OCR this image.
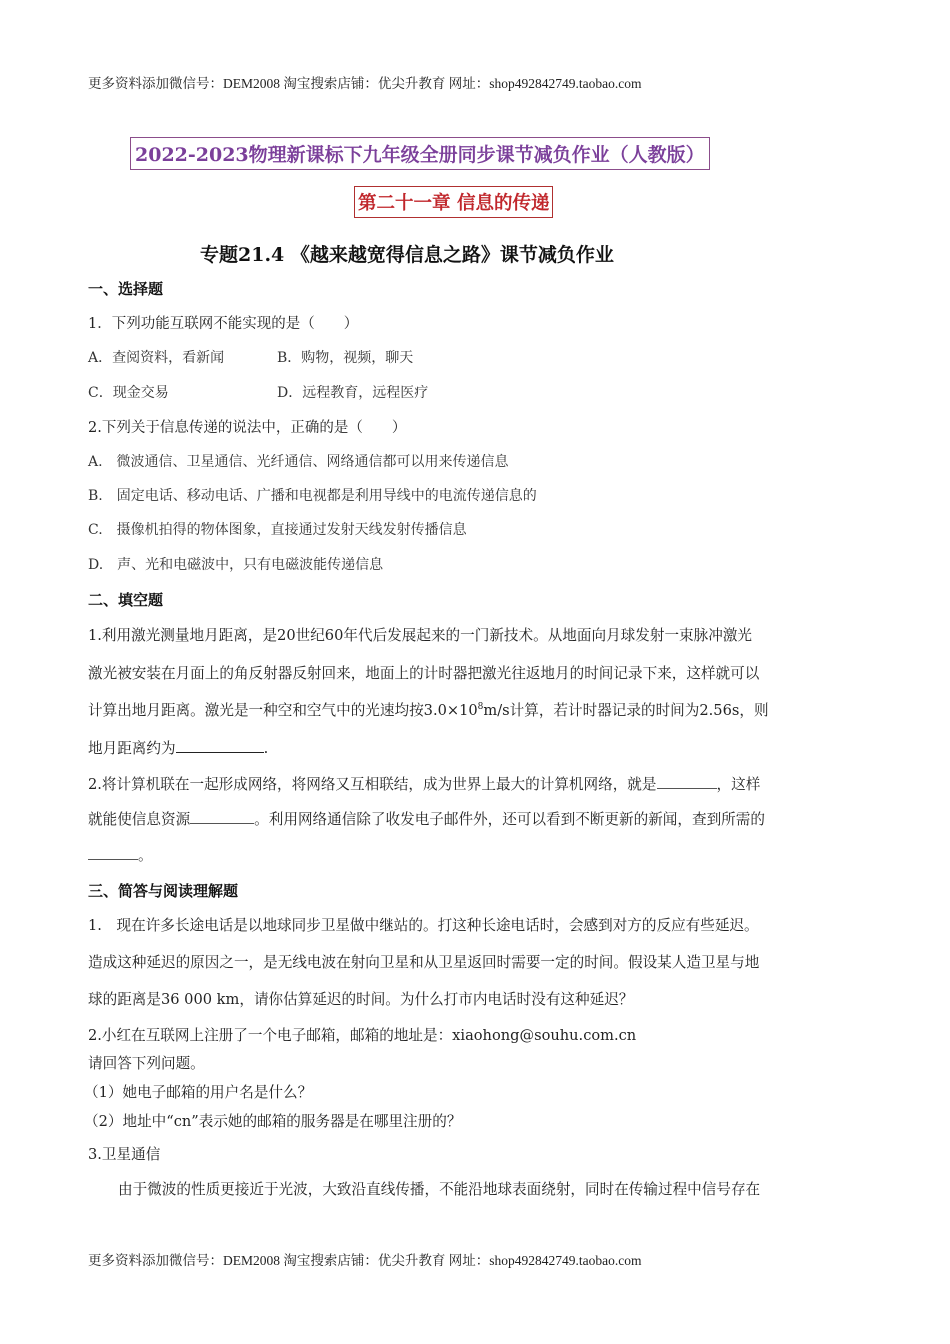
更多资料添加微信号：DEM2008 淘宝搜索店铺：优尖升教育 网址：shop492842749.taobao.com
2022-2023物理新课标下九年级全册同步课节减负作业（人教版）
第二十一章 信息的传递
专题21.4 《越来越宽得信息之路》课节减负作业
一、选择题
1．下列功能互联网不能实现的是（　　）
A．查阅资料，看新闻	B．购物，视频，聊天
C．现金交易	D．远程教育，远程医疗
2.下列关于信息传递的说法中，正确的是（　　）
A.　微波通信、卫星通信、光纤通信、网络通信都可以用来传递信息
B.　固定电话、移动电话、广播和电视都是利用导线中的电流传递信息的
C.　摄像机拍得的物体图象，直接通过发射天线发射传播信息
D.　声、光和电磁波中，只有电磁波能传递信息
二、填空题
1.利用激光测量地月距离，是20世纪60年代后发展起来的一门新技术。从地面向月球发射一束脉冲激光
激光被安装在月面上的角反射器反射回来，地面上的计时器把激光往返地月的时间记录下来，这样就可以
计算出地月距离。激光是一种空和空气中的光速均按$3.0\times 10^8m/s$计算，若计时器记录的时间为2.56s，则
地月距离约为	.
2.将计算机联在一起形成网络，将网络又互相联结，成为世界上最大的计算机网络，就是	，这样
就能使信息资源	。利用网络通信除了收发电子邮件外，还可以看到不断更新的新闻，查到所需的
。
三、简答与阅读理解题
1.　现在许多长途电话是以地球同步卫星做中继站的。打这种长途电话时，会感到对方的反应有些延迟。
造成这种延迟的原因之一，是无线电波在射向卫星和从卫星返回时需要一定的时间。假设某人造卫星与地
球的距离是36 000 km，请你估算延迟的时间。为什么打市内电话时没有这种延迟？
2.小红在互联网上注册了一个电子邮箱，邮箱的地址是：xiaohong@souhu.com.cn
请回答下列问题。
（1）她电子邮箱的用户名是什么？
（2）地址中“cn”表示她的邮箱的服务器是在哪里注册的？
3.卫星通信
由于微波的性质更接近于光波，大致沿直线传播，不能沿地球表面绕射，同时在传输过程中信号存在
更多资料添加微信号：DEM2008 淘宝搜索店铺：优尖升教育 网址：shop492842749.taobao.com
